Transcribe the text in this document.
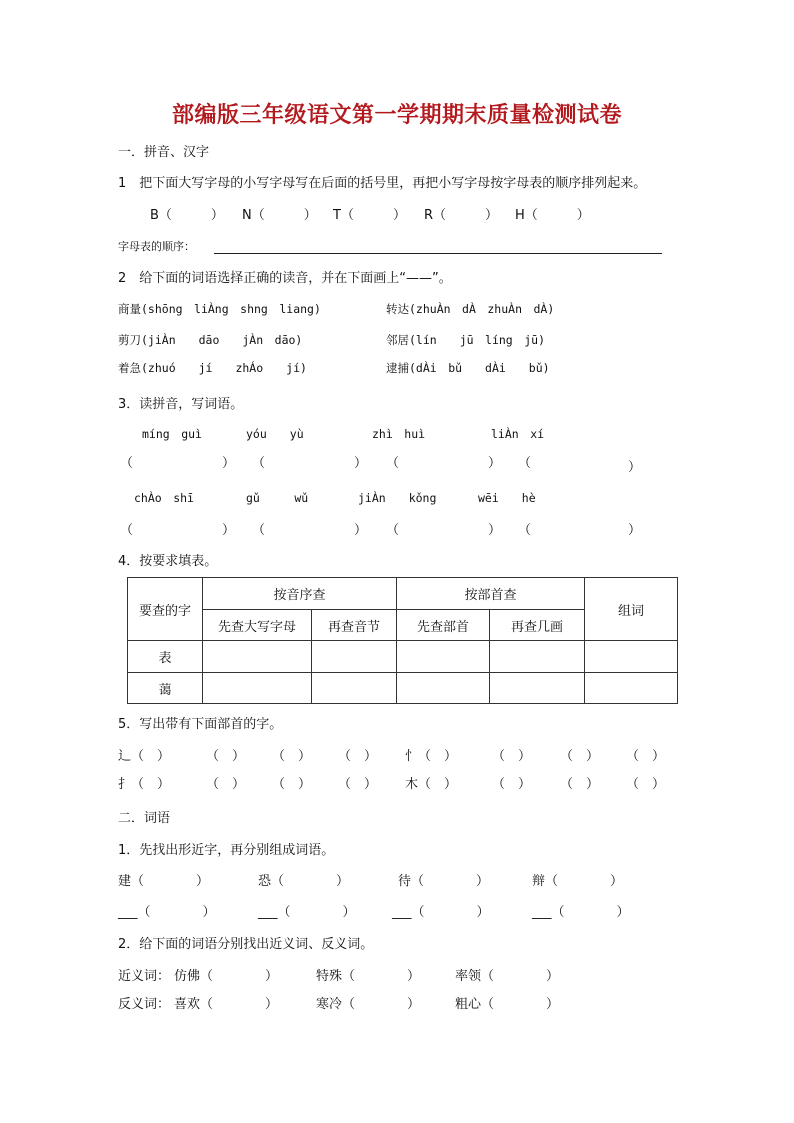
部编版三年级语文第一学期期末质量检测试卷
一．拼音、汉字
1　把下面大写字母的小写字母写在后面的括号里，再把小写字母按字母表的顺序排列起来。
B（　　　） N（　　　） T（　　　） R（　　　） H（　　　）
字母表的顺序：
2　给下面的词语选择正确的读音，并在下面画上“——”。
商量(shōng　liÀng　shng　liang)	转达(zhuÀn　dÀ　zhuÀn　dÀ)
剪刀(jiÀn　　dāo　　jÀn　dāo)	邻居(lín　　jū　líng　jū)
着急(zhuó　　jí　　zhÁo　　jí)	逮捕(dÀi　bǔ　　dÀi　　bǔ)
3．读拼音，写词语。
míng　guì	yóu　　yù	zhì　huì	liÀn　xí
（	） （	） （	） （	）
chÀo　shī	gǔ　　　wǔ	jiÀn　　kǒng	wēi　　hè
（	） （	） （	） （	）
4．按要求填表。
要查的字	按音序查		按部首查		组词
	先查大写字母	再查音节	先查部首	再查几画	
表					
蔼					
5．写出带有下面部首的字。
辶（　）	（　） （　） （　） 忄（　）	（　） （　） （　）
扌（　）	（　） （　） （　） 木（　）	（　） （　） （　）
二．词语
1．先找出形近字，再分别组成词语。
建（　　　　）	恐（　　　　）	待（　　　　）	辩（　　　　）
___（　　　　）	___（　　　　）	___（　　　　）	___（　　　　）
2．给下面的词语分别找出近义词、反义词。
近义词： 仿佛（　　　　）	特殊（　　　　）	率领（　　　　）
反义词： 喜欢（　　　　）	寒冷（　　　　）	粗心（　　　　）
